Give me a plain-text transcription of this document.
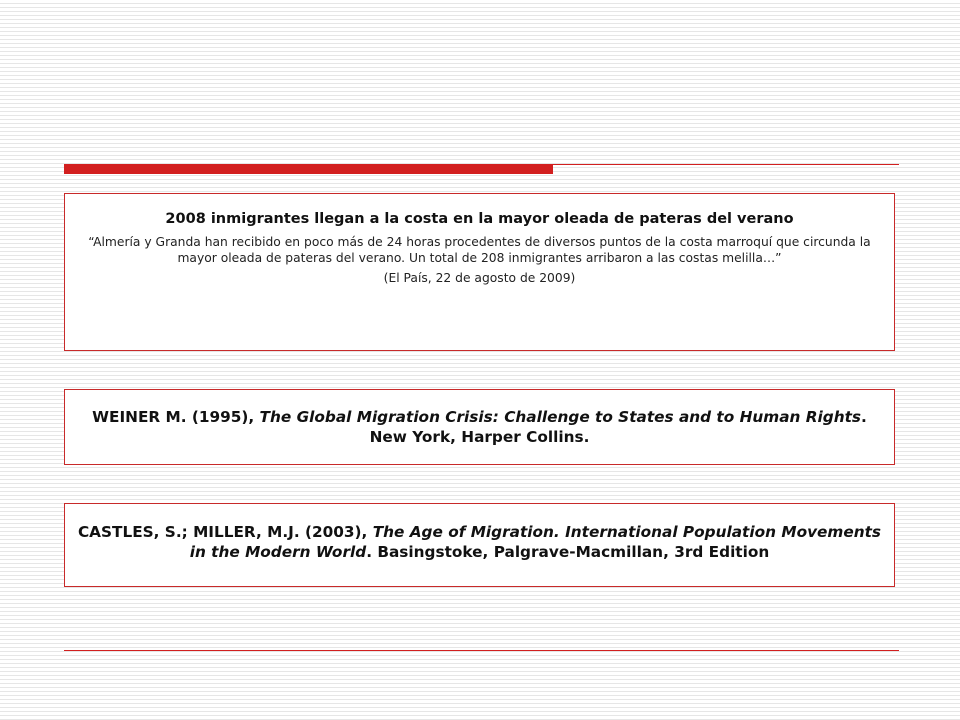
2008 inmigrantes llegan a la costa en la mayor oleada de pateras del verano

“Almería y Granda han recibido en poco más de 24 horas procedentes de diversos puntos de la costa marroquí que circunda la mayor oleada de pateras del verano. Un total de 208 inmigrantes arribaron a las costas melilla…”

(El País, 22 de agosto de 2009)

WEINER M. (1995), The Global Migration Crisis: Challenge to States and to Human Rights. New York, Harper Collins.

CASTLES, S.; MILLER, M.J. (2003), The Age of Migration. International Population Movements in the Modern World. Basingstoke, Palgrave-Macmillan, 3rd Edition
